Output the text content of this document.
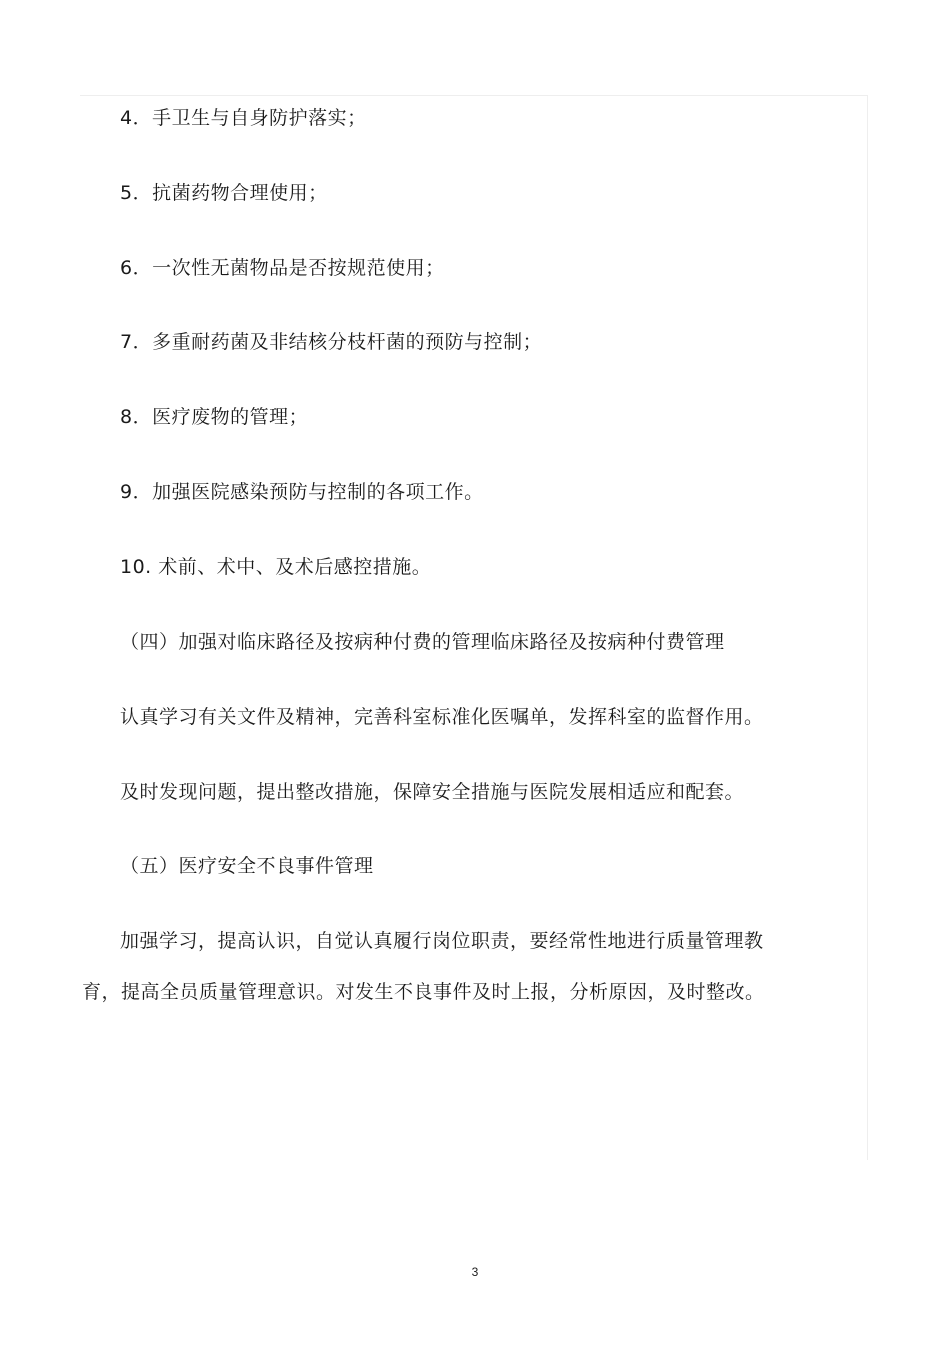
4．手卫生与自身防护落实；
5．抗菌药物合理使用；
6．一次性无菌物品是否按规范使用；
7．多重耐药菌及非结核分枝杆菌的预防与控制；
8．医疗废物的管理；
9．加强医院感染预防与控制的各项工作。
10. 术前、术中、及术后感控措施。
（四）加强对临床路径及按病种付费的管理临床路径及按病种付费管理
认真学习有关文件及精神，完善科室标准化医嘱单，发挥科室的监督作用。
及时发现问题，提出整改措施，保障安全措施与医院发展相适应和配套。
（五）医疗安全不良事件管理
加强学习，提高认识，自觉认真履行岗位职责，要经常性地进行质量管理教
育，提高全员质量管理意识。对发生不良事件及时上报，分析原因，及时整改。
3
